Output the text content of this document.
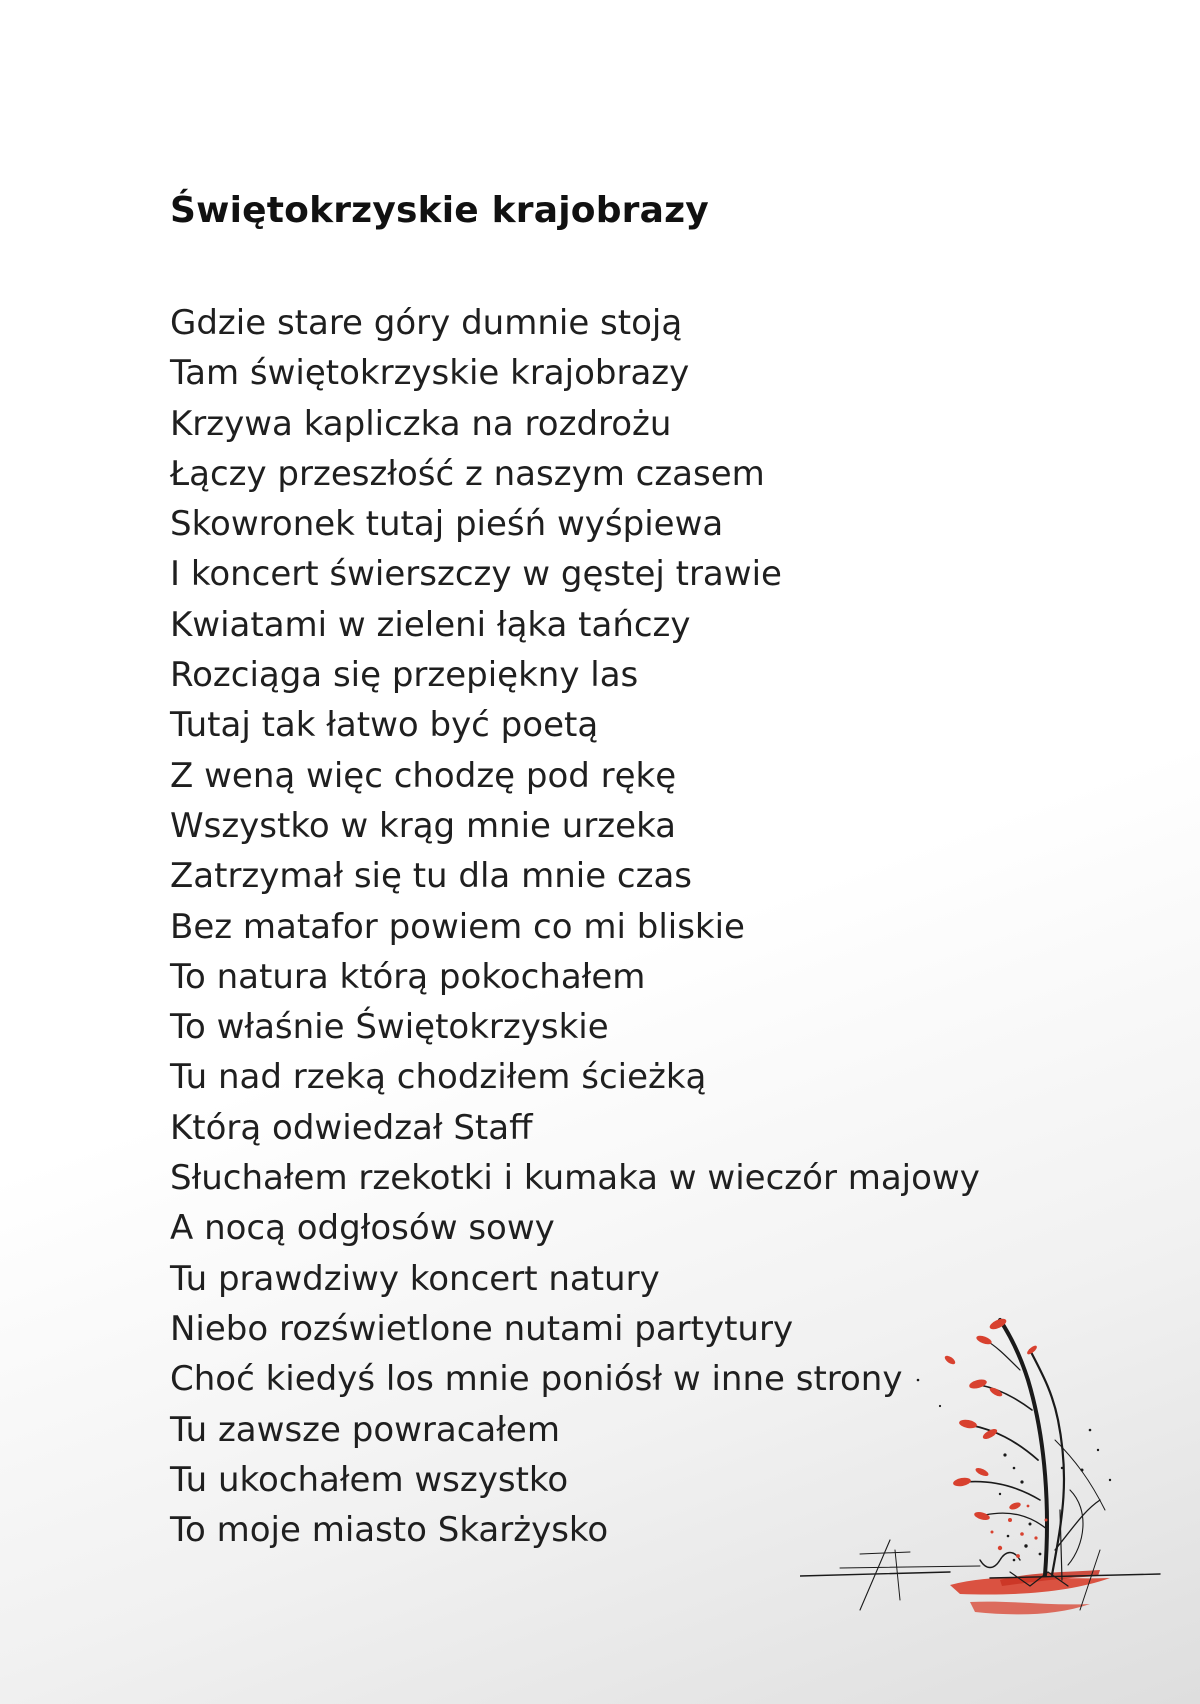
Świętokrzyskie krajobrazy
Gdzie stare góry dumnie stoją
Tam świętokrzyskie krajobrazy
Krzywa kapliczka na rozdrożu
Łączy przeszłość z naszym czasem
Skowronek tutaj pieśń wyśpiewa
I koncert świerszczy w gęstej trawie
Kwiatami w zieleni łąka tańczy
Rozciąga się przepiękny las
Tutaj tak łatwo być poetą
Z weną więc chodzę pod rękę
Wszystko w krąg mnie urzeka
Zatrzymał się tu dla mnie czas
Bez matafor powiem co mi bliskie
To natura którą pokochałem
To właśnie Świętokrzyskie
Tu nad rzeką chodziłem ścieżką
Którą odwiedzał Staff
Słuchałem rzekotki i kumaka w wieczór majowy
A nocą odgłosów sowy
Tu prawdziwy koncert natury
Niebo rozświetlone nutami partytury
Choć kiedyś los mnie poniósł w inne strony
Tu zawsze powracałem
Tu ukochałem wszystko
To moje miasto Skarżysko
